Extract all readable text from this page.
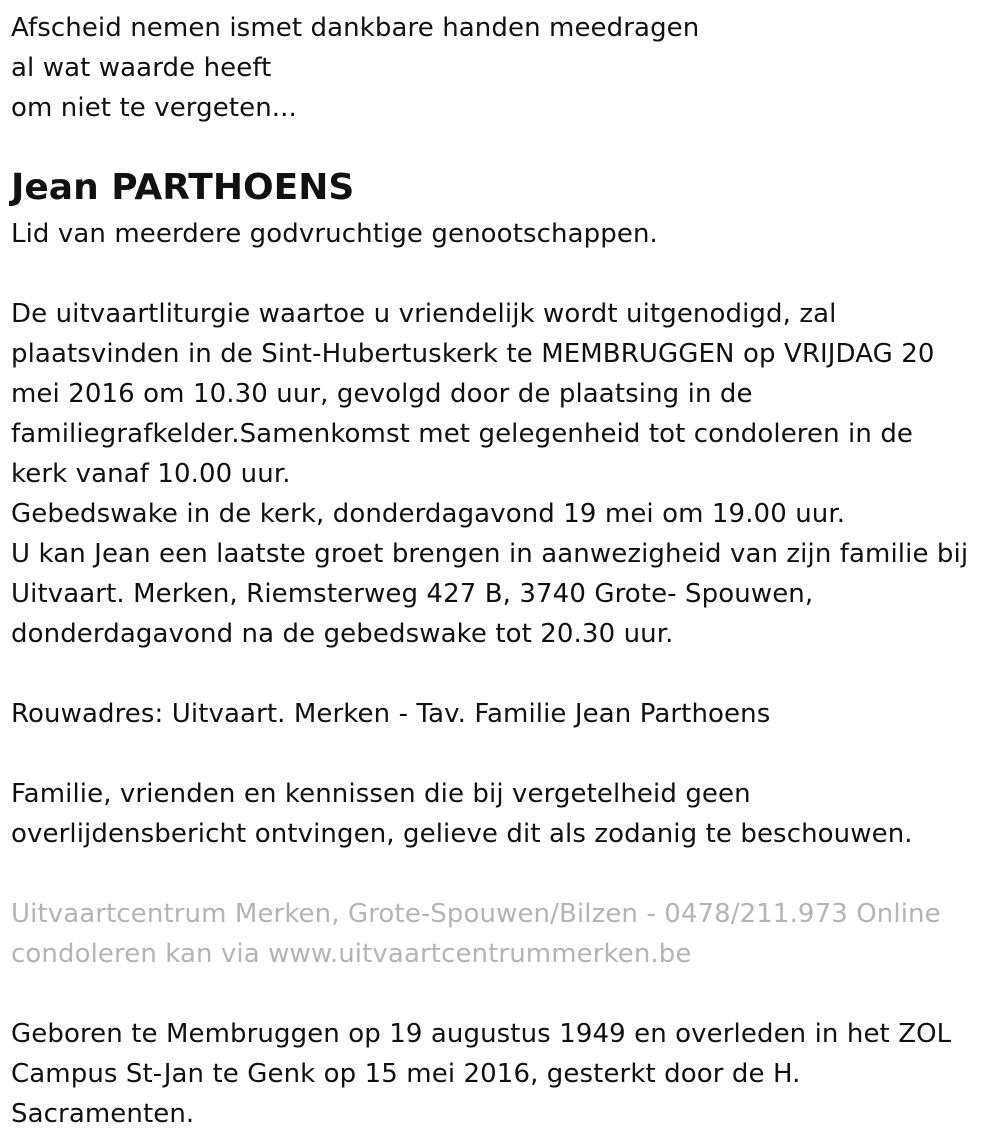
Afscheid nemen ismet dankbare handen meedragen
al wat waarde heeft
om niet te vergeten...
Jean PARTHOENS
Lid van meerdere godvruchtige genootschappen.
De uitvaartliturgie waartoe u vriendelijk wordt uitgenodigd, zal
plaatsvinden in de Sint-Hubertuskerk te MEMBRUGGEN op VRIJDAG 20
mei 2016 om 10.30 uur, gevolgd door de plaatsing in de
familiegrafkelder.Samenkomst met gelegenheid tot condoleren in de
kerk vanaf 10.00 uur.
Gebedswake in de kerk, donderdagavond 19 mei om 19.00 uur.
U kan Jean een laatste groet brengen in aanwezigheid van zijn familie bij
Uitvaart. Merken, Riemsterweg 427 B, 3740 Grote- Spouwen,
donderdagavond na de gebedswake tot 20.30 uur.
Rouwadres: Uitvaart. Merken - Tav. Familie Jean Parthoens
Familie, vrienden en kennissen die bij vergetelheid geen
overlijdensbericht ontvingen, gelieve dit als zodanig te beschouwen.
Uitvaartcentrum Merken, Grote-Spouwen/Bilzen - 0478/211.973 Online
condoleren kan via www.uitvaartcentrummerken.be
Geboren te Membruggen op 19 augustus 1949 en overleden in het ZOL
Campus St-Jan te Genk op 15 mei 2016, gesterkt door de H.
Sacramenten.
